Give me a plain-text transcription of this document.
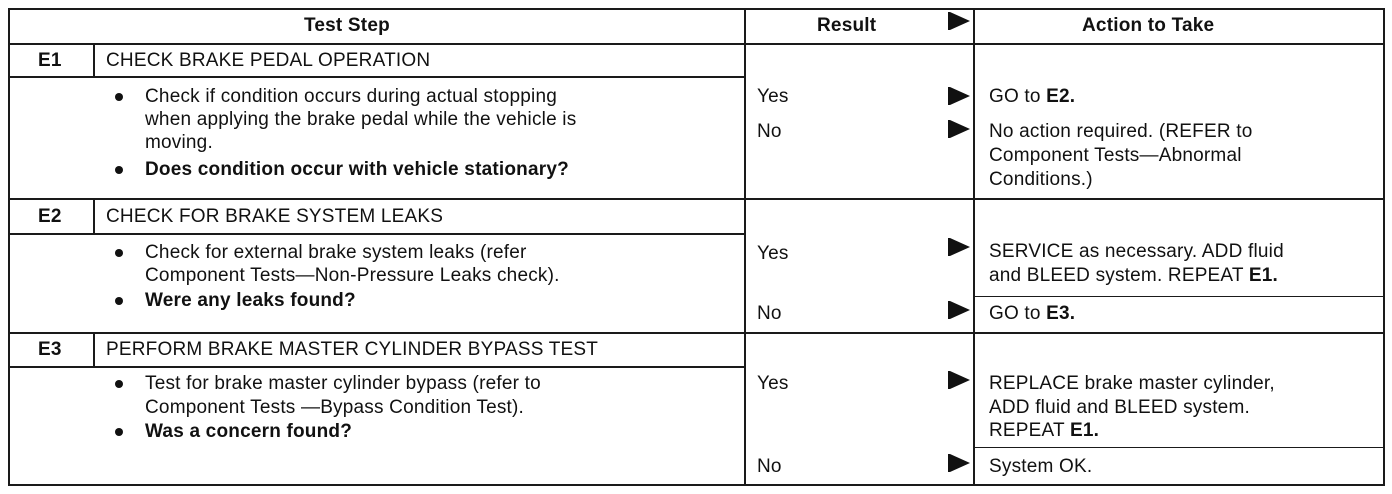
Test Step	Result	Action to Take
E1 CHECK BRAKE PEDAL OPERATION
Check if condition occurs during actual stopping
when applying the brake pedal while the vehicle is
moving.
Does condition occur with vehicle stationary?
Yes	GO to E2.
No	No action required. (REFER to
Component Tests—Abnormal
Conditions.)
E2 CHECK FOR BRAKE SYSTEM LEAKS
Check for external brake system leaks (refer
Component Tests—Non-Pressure Leaks check).
Were any leaks found?
Yes	SERVICE as necessary. ADD fluid
and BLEED system. REPEAT E1.
No	GO to E3.
E3 PERFORM BRAKE MASTER CYLINDER BYPASS TEST
Test for brake master cylinder bypass (refer to
Component Tests —Bypass Condition Test).
Was a concern found?
Yes	REPLACE brake master cylinder,
ADD fluid and BLEED system.
REPEAT E1.
No	System OK.
